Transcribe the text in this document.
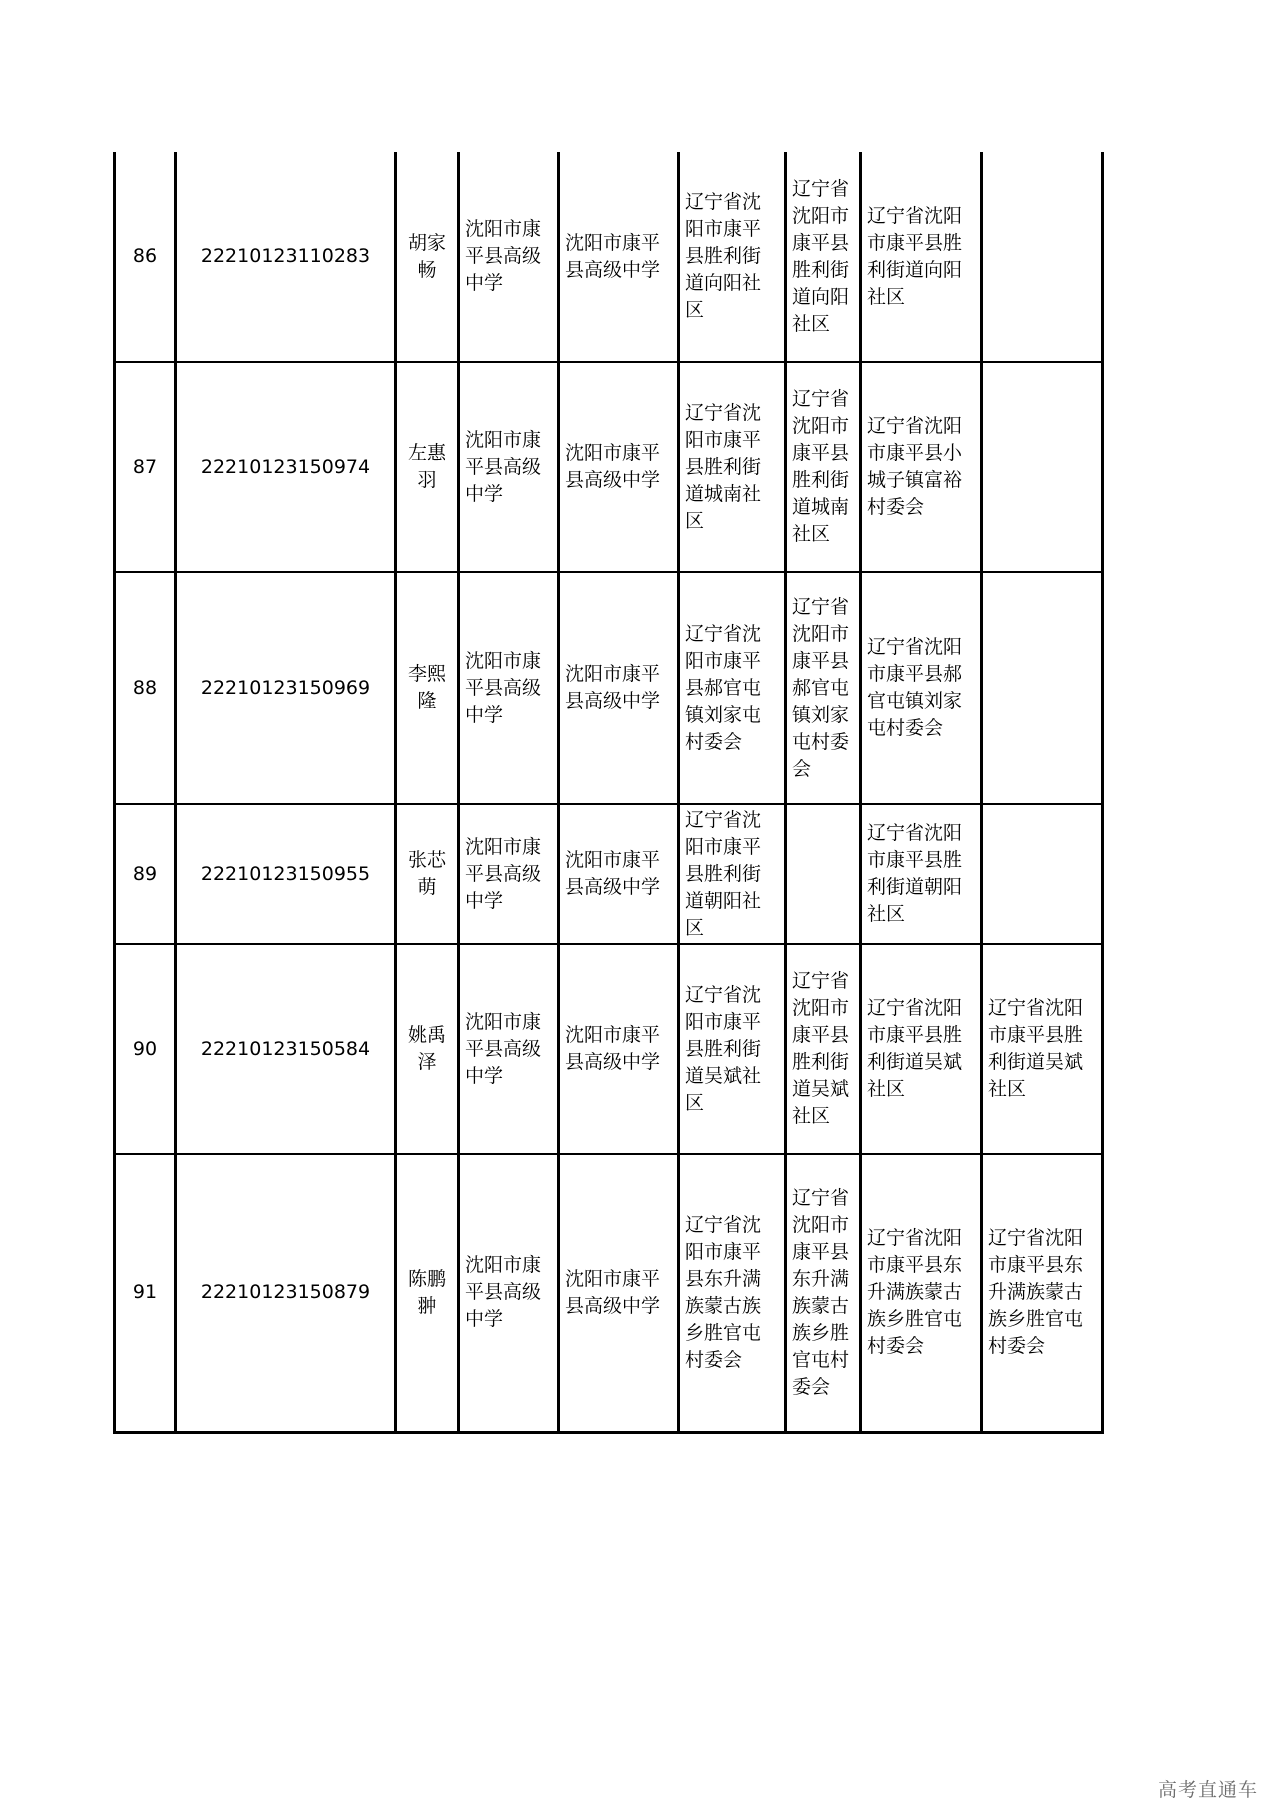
86	22210123110283	胡家畅	沈阳市康平县高级中学	沈阳市康平县高级中学	辽宁省沈阳市康平县胜利街道向阳社区	辽宁省沈阳市康平县胜利街道向阳社区	辽宁省沈阳市康平县胜利街道向阳社区	
87	22210123150974	左惠羽	沈阳市康平县高级中学	沈阳市康平县高级中学	辽宁省沈阳市康平县胜利街道城南社区	辽宁省沈阳市康平县胜利街道城南社区	辽宁省沈阳市康平县小城子镇富裕村委会	
88	22210123150969	李熙隆	沈阳市康平县高级中学	沈阳市康平县高级中学	辽宁省沈阳市康平县郝官屯镇刘家屯村委会	辽宁省沈阳市康平县郝官屯镇刘家屯村委会	辽宁省沈阳市康平县郝官屯镇刘家屯村委会	
89	22210123150955	张芯萌	沈阳市康平县高级中学	沈阳市康平县高级中学	辽宁省沈阳市康平县胜利街道朝阳社区		辽宁省沈阳市康平县胜利街道朝阳社区	
90	22210123150584	姚禹泽	沈阳市康平县高级中学	沈阳市康平县高级中学	辽宁省沈阳市康平县胜利街道吴斌社区	辽宁省沈阳市康平县胜利街道吴斌社区	辽宁省沈阳市康平县胜利街道吴斌社区	辽宁省沈阳市康平县胜利街道吴斌社区
91	22210123150879	陈鹏翀	沈阳市康平县高级中学	沈阳市康平县高级中学	辽宁省沈阳市康平县东升满族蒙古族乡胜官屯村委会	辽宁省沈阳市康平县东升满族蒙古族乡胜官屯村委会	辽宁省沈阳市康平县东升满族蒙古族乡胜官屯村委会	辽宁省沈阳市康平县东升满族蒙古族乡胜官屯村委会
高考直通车
